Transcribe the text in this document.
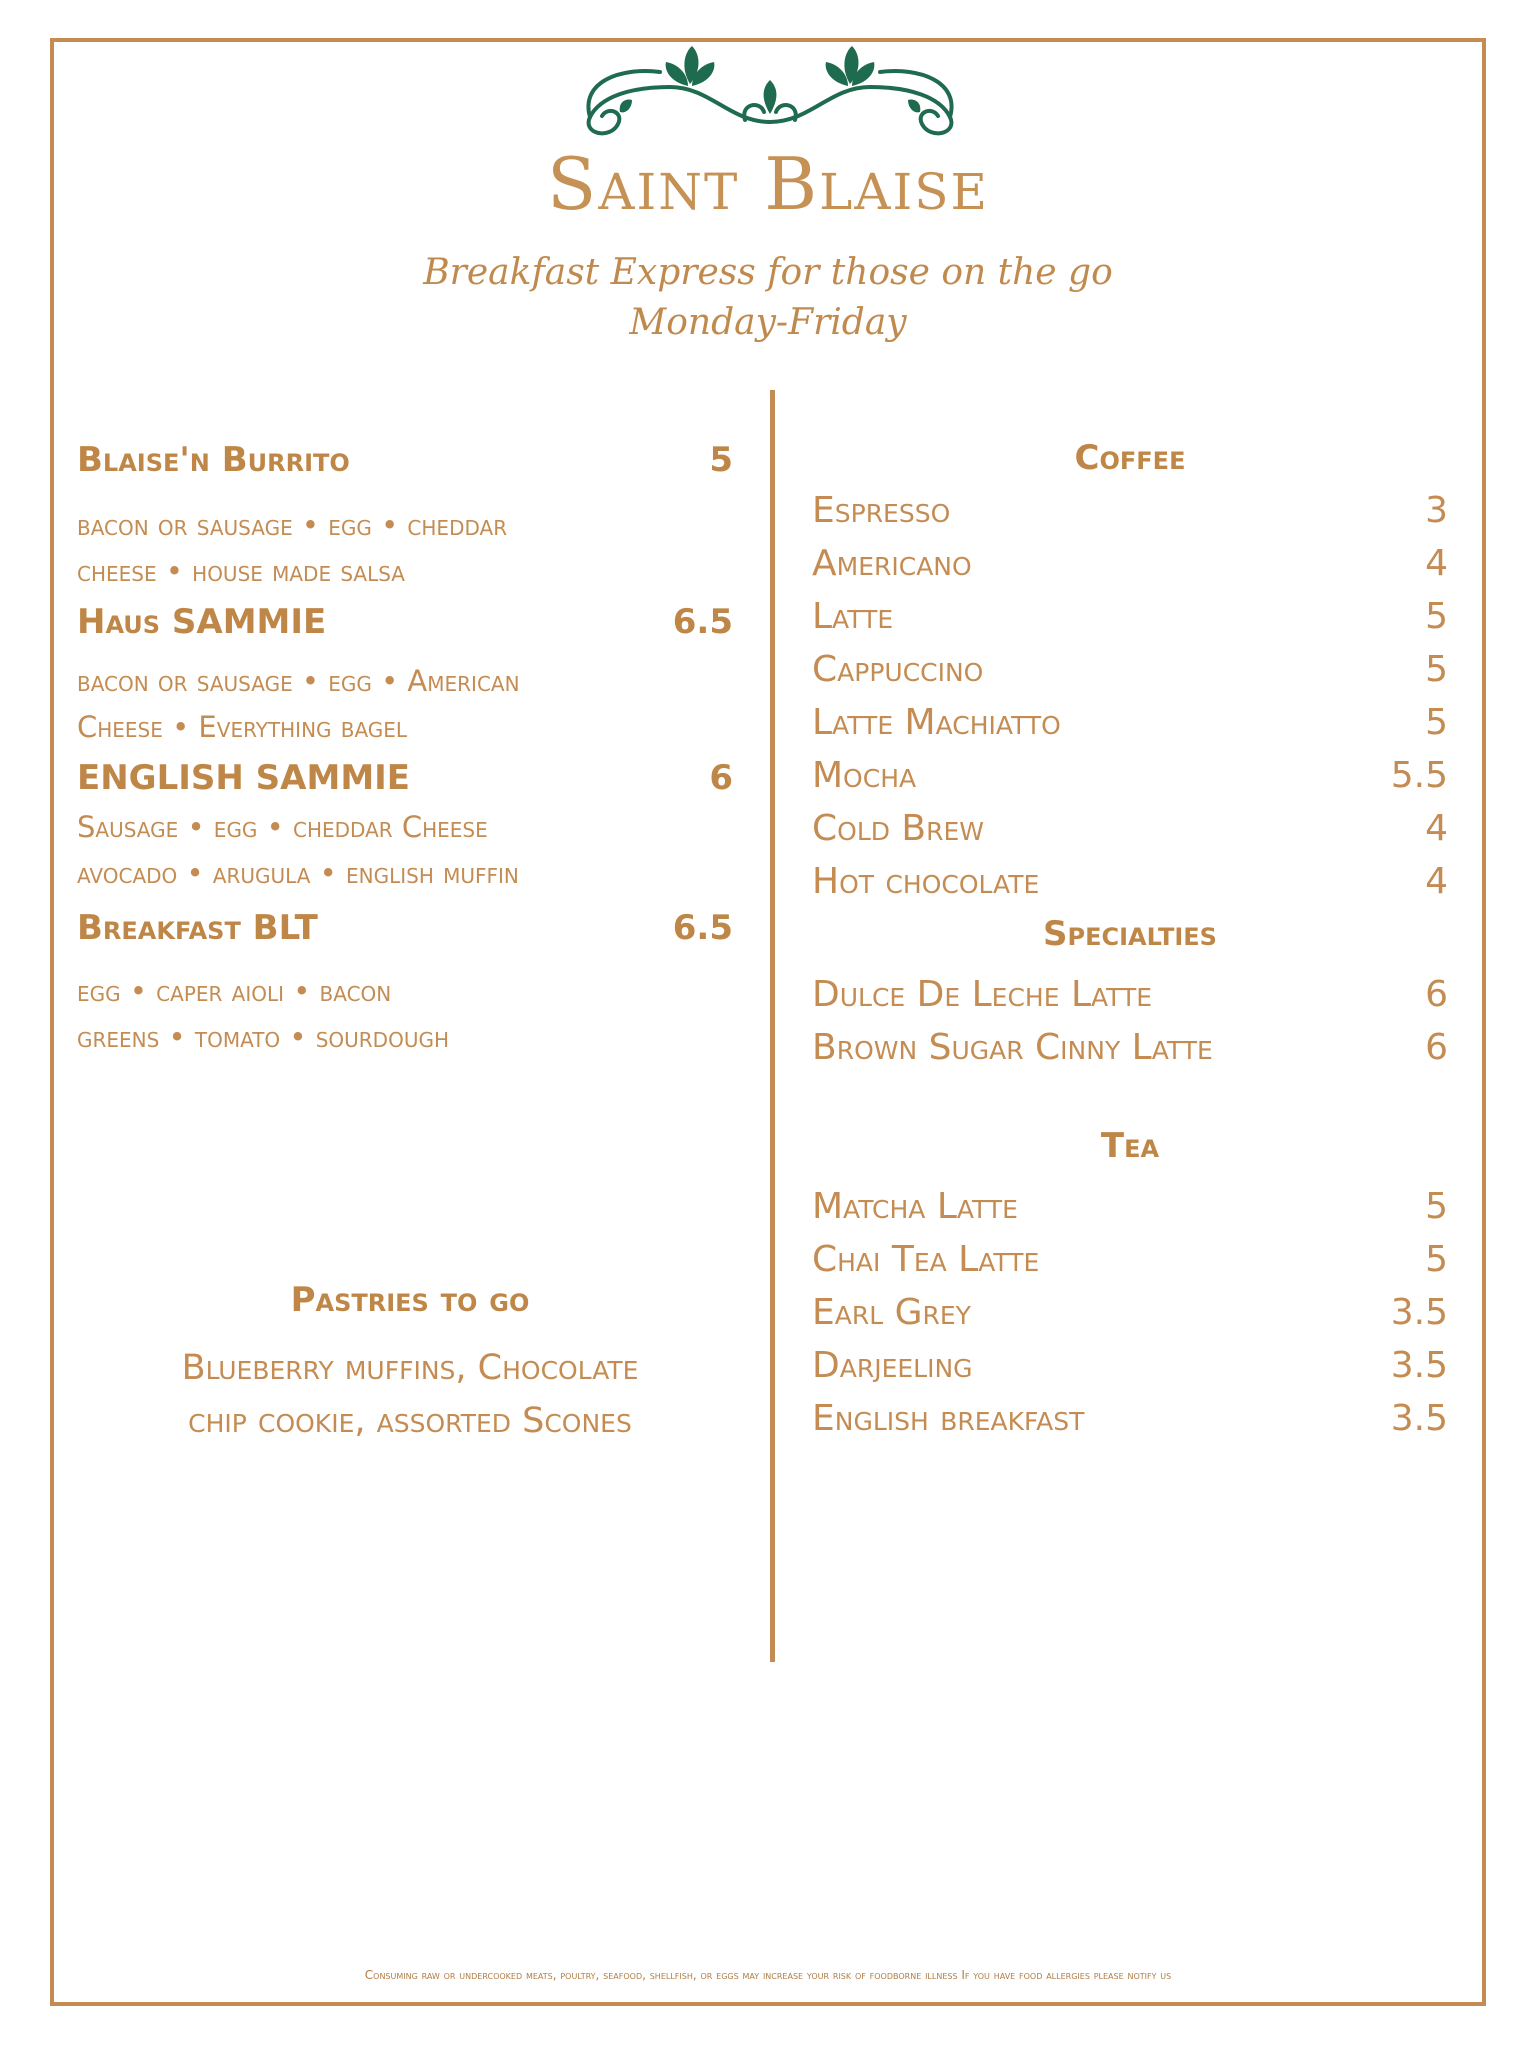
Saint Blaise
Breakfast Express for those on the go
Monday-Friday
Blaise'n Burrito	5
bacon or sausage • egg • cheddar
cheese • house made salsa
Haus SAMMIE	6.5
bacon or sausage • egg • American
Cheese • Everything bagel
ENGLISH SAMMIE	6
Sausage • egg • cheddar Cheese
avocado • arugula • english muffin
Breakfast BLT	6.5
egg • caper aioli • bacon
greens • tomato • sourdough
Pastries to go
Blueberry muffins, Chocolate
chip cookie, assorted Scones
Coffee
Espresso	3
Americano	4
Latte	5
Cappuccino	5
Latte Machiatto	5
Mocha	5.5
Cold Brew	4
Hot chocolate	4
Specialties
Dulce De Leche Latte	6
Brown Sugar Cinny Latte	6
Tea
Matcha Latte	5
Chai Tea Latte	5
Earl Grey	3.5
Darjeeling	3.5
English breakfast	3.5
Consuming raw or undercooked meats, poultry, seafood, shellfish, or eggs may increase your risk of foodborne illness If you have food allergies please notify us
